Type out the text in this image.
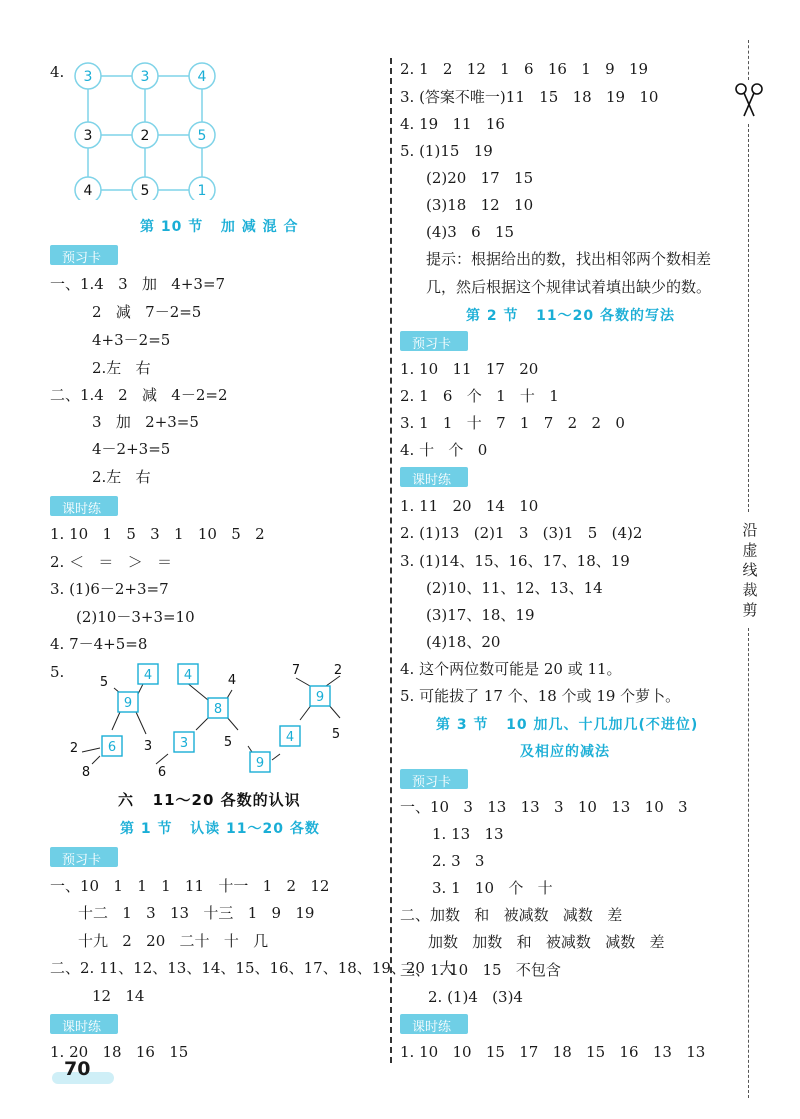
4. 3	3	4
3	2	5
4	5	1
第 10 节   加 减 混 合
预习卡
一、1.4   3   加   4+3=7
2   减   7－2=5
4+3－2=5
2.左   右
二、1.4   2   减   4－2=2
3   加   2+3=5
4－2+3=5
2.左   右
课时练
1. 10   1   5   3   1   10   5   2
2. ＜   ＝   ＞   ＝
3. (1)6－2+3=7
(2)10－3+3=10
4. 7－4+5=8
5.	4
9
6
4
8
3
9
4
9
5
2
8
3
6
4
5
7	2
5
六   11～20 各数的认识
第 1 节   认读 11～20 各数
预习卡
一、10   1   1   1   11   十一   1   2   12
十二   1   3   13   十三   1   9   19
十九   2   20   二十   十   几
二、2. 11、12、13、14、15、16、17、18、19、20   大
12   14
课时练
1. 20   18   16   15
70
2. 1   2   12   1   6   16   1   9   19
3. (答案不唯一)11   15   18   19   10
4. 19   11   16
5. (1)15   19
(2)20   17   15
(3)18   12   10
(4)3   6   15
提示：根据给出的数，找出相邻两个数相差
几，然后根据这个规律试着填出缺少的数。
第 2 节   11～20 各数的写法
预习卡
1. 10   11   17   20
2. 1   6   个   1   十   1
3. 1   1   十   7   1   7   2   2   0
4. 十   个   0
课时练
1. 11   20   14   10
2. (1)13   (2)1   3   (3)1   5   (4)2
3. (1)14、15、16、17、18、19
(2)10、11、12、13、14
(3)17、18、19
(4)18、20
4. 这个两位数可能是 20 或 11。
5. 可能拔了 17 个、18 个或 19 个萝卜。
第 3 节   10 加几、十几加几(不进位)
及相应的减法
预习卡
一、10   3   13   13   3   10   13   10   3
1. 13   13
2. 3   3
3. 1   10   个   十
二、加数   和   被减数   减数   差
加数   加数   和   被减数   减数   差
三、1. 10   15   不包含
2. (1)4   (3)4
课时练
1. 10   10   15   17   18   15   16   13   13
沿
虚
线
裁
剪
